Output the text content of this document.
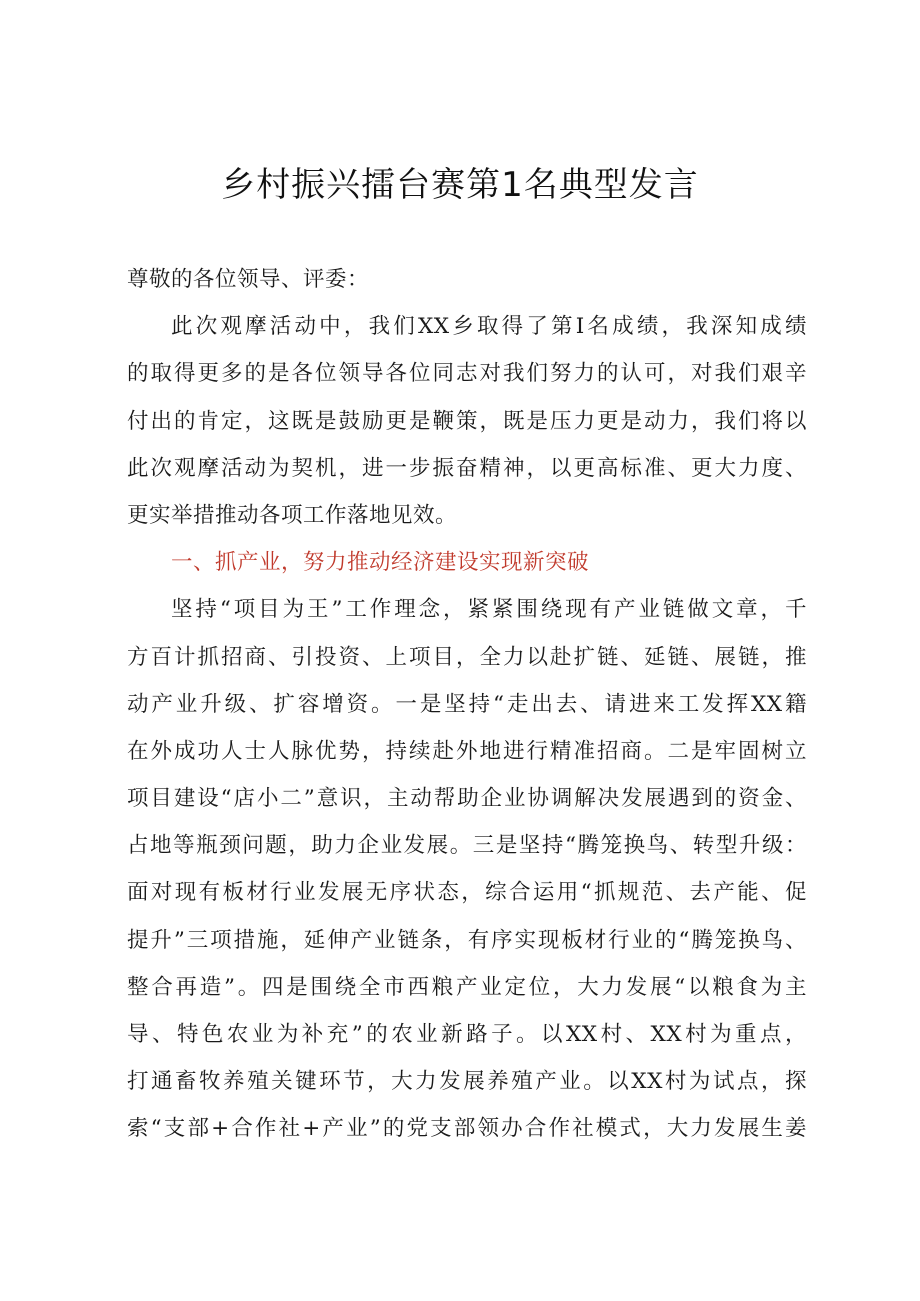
乡村振兴擂台赛第1名典型发言
尊敬的各位领导、评委：
此次观摩活动中，我们XX乡取得了第Ⅰ名成绩，我深知成绩
的取得更多的是各位领导各位同志对我们努力的认可，对我们艰辛
付出的肯定，这既是鼓励更是鞭策，既是压力更是动力，我们将以
此次观摩活动为契机，进一步振奋精神，以更高标准、更大力度、
更实举措推动各项工作落地见效。
一、抓产业，努力推动经济建设实现新突破
坚持“项目为王”工作理念，紧紧围绕现有产业链做文章，千
方百计抓招商、引投资、上项目，全力以赴扩链、延链、展链，推
动产业升级、扩容增资。一是坚持“走出去、请进来工发挥XX籍
在外成功人士人脉优势，持续赴外地进行精准招商。二是牢固树立
项目建设“店小二”意识，主动帮助企业协调解决发展遇到的资金、
占地等瓶颈问题，助力企业发展。三是坚持“腾笼换鸟、转型升级：
面对现有板材行业发展无序状态，综合运用“抓规范、去产能、促
提升”三项措施，延伸产业链条，有序实现板材行业的“腾笼换鸟、
整合再造”。四是围绕全市西粮产业定位，大力发展“以粮食为主
导、特色农业为补充”的农业新路子。以XX村、XX村为重点，
打通畜牧养殖关键环节，大力发展养殖产业。以XX村为试点，探
索“支部+合作社+产业”的党支部领办合作社模式，大力发展生姜
